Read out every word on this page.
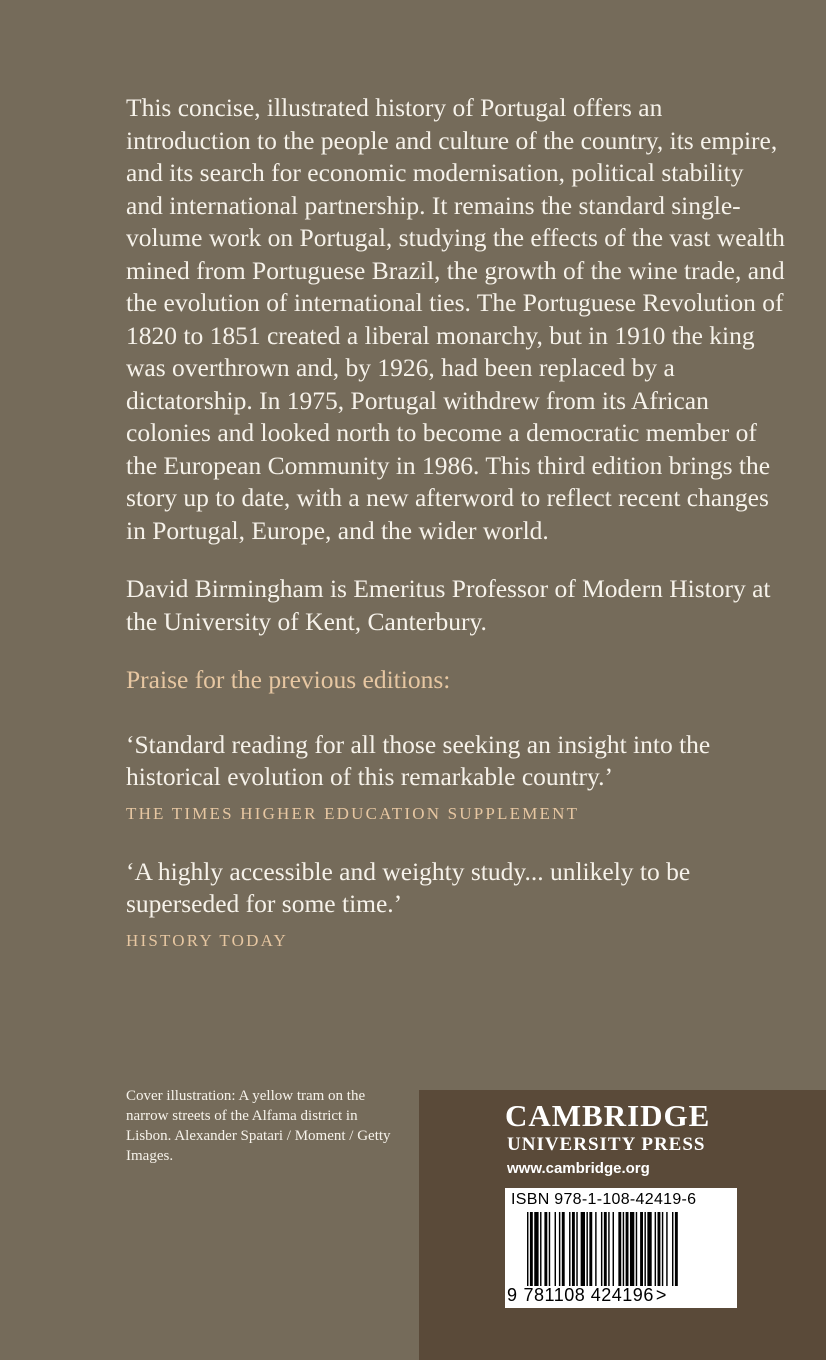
This concise, illustrated history of Portugal offers an introduction to the people and culture of the country, its empire, and its search for economic modernisation, political stability and international partnership. It remains the standard single-volume work on Portugal, studying the effects of the vast wealth mined from Portuguese Brazil, the growth of the wine trade, and the evolution of international ties. The Portuguese Revolution of 1820 to 1851 created a liberal monarchy, but in 1910 the king was overthrown and, by 1926, had been replaced by a dictatorship. In 1975, Portugal withdrew from its African colonies and looked north to become a democratic member of the European Community in 1986. This third edition brings the story up to date, with a new afterword to reflect recent changes in Portugal, Europe, and the wider world.

David Birmingham is Emeritus Professor of Modern History at the University of Kent, Canterbury.

Praise for the previous editions:

‘Standard reading for all those seeking an insight into the historical evolution of this remarkable country.’

THE TIMES HIGHER EDUCATION SUPPLEMENT

‘A highly accessible and weighty study... unlikely to be superseded for some time.’

HISTORY TODAY

Cover illustration: A yellow tram on the narrow streets of the Alfama district in Lisbon. Alexander Spatari / Moment / Getty Images.
CAMBRIDGE
UNIVERSITY PRESS
www.cambridge.org
ISBN 978-1-108-42419-6
9 781108 424196 >
